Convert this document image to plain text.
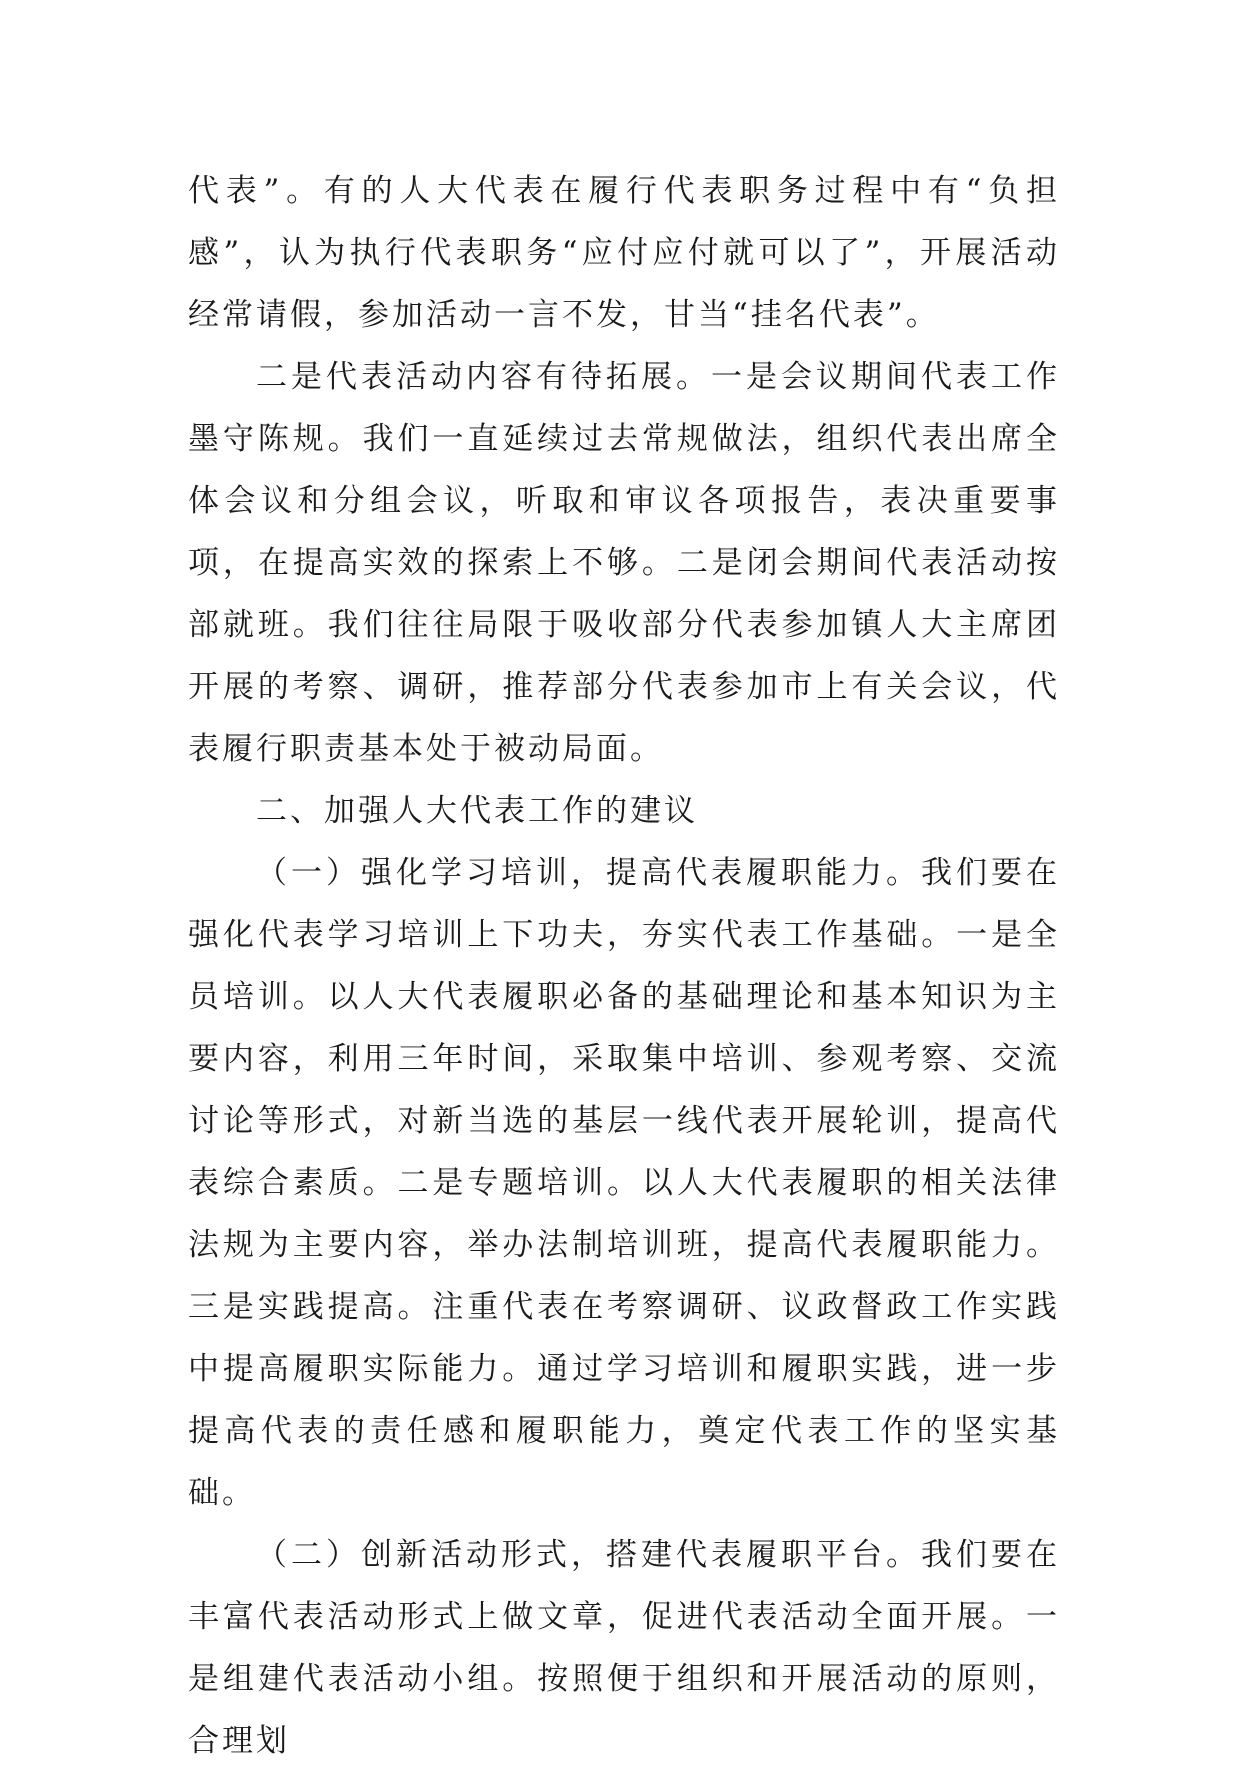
代表”。有的人大代表在履行代表职务过程中有“负担感”，认为执行代表职务“应付应付就可以了”，开展活动经常请假，参加活动一言不发，甘当“挂名代表”。

二是代表活动内容有待拓展。一是会议期间代表工作墨守陈规。我们一直延续过去常规做法，组织代表出席全体会议和分组会议，听取和审议各项报告，表决重要事项，在提高实效的探索上不够。二是闭会期间代表活动按部就班。我们往往局限于吸收部分代表参加镇人大主席团开展的考察、调研，推荐部分代表参加市上有关会议，代表履行职责基本处于被动局面。

二、加强人大代表工作的建议

（一）强化学习培训，提高代表履职能力。我们要在强化代表学习培训上下功夫，夯实代表工作基础。一是全员培训。以人大代表履职必备的基础理论和基本知识为主要内容，利用三年时间，采取集中培训、参观考察、交流讨论等形式，对新当选的基层一线代表开展轮训，提高代表综合素质。二是专题培训。以人大代表履职的相关法律法规为主要内容，举办法制培训班，提高代表履职能力。三是实践提高。注重代表在考察调研、议政督政工作实践中提高履职实际能力。通过学习培训和履职实践，进一步提高代表的责任感和履职能力，奠定代表工作的坚实基础。

（二）创新活动形式，搭建代表履职平台。我们要在丰富代表活动形式上做文章，促进代表活动全面开展。一是组建代表活动小组。按照便于组织和开展活动的原则，合理划
